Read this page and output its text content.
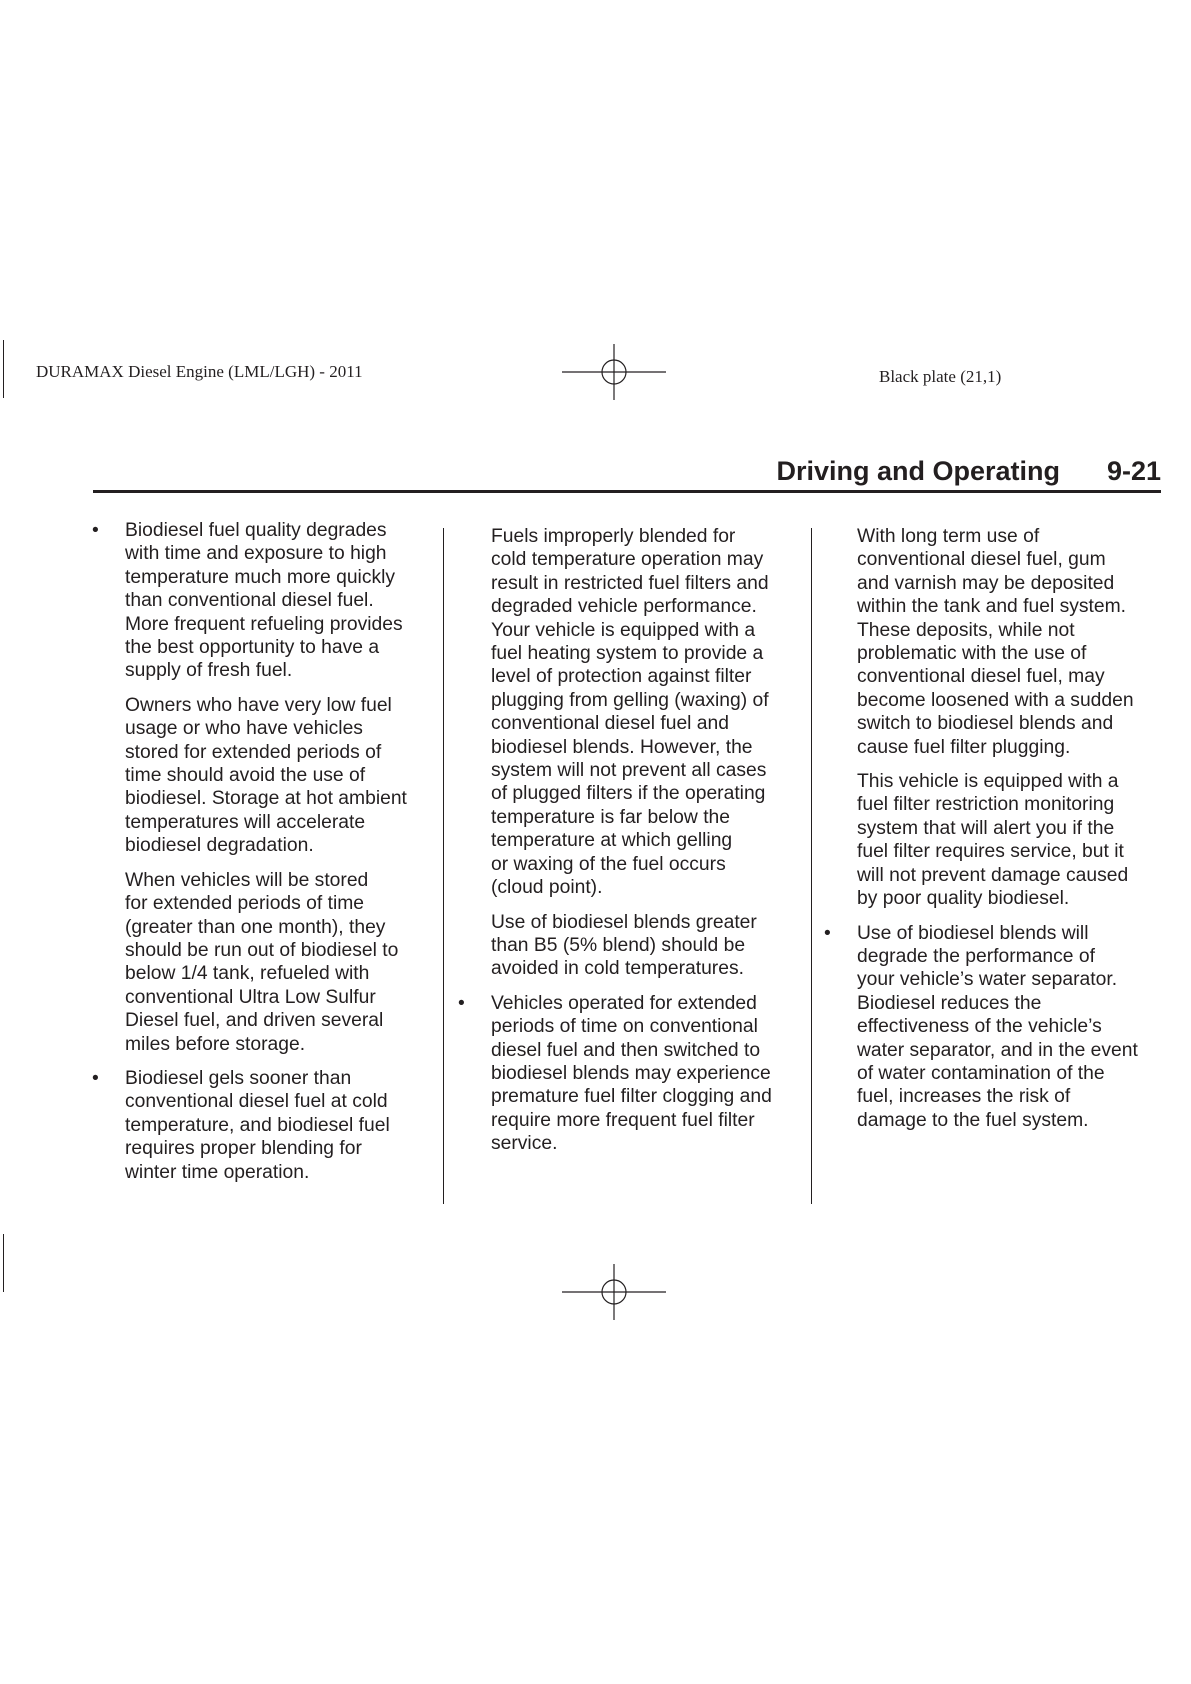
DURAMAX Diesel Engine (LML/LGH) - 2011	Black plate (21,1)
Driving and Operating 9-21
• Biodiesel fuel quality degrades
with time and exposure to high
temperature much more quickly
than conventional diesel fuel.
More frequent refueling provides
the best opportunity to have a
supply of fresh fuel.
Owners who have very low fuel
usage or who have vehicles
stored for extended periods of
time should avoid the use of
biodiesel. Storage at hot ambient
temperatures will accelerate
biodiesel degradation.
When vehicles will be stored
for extended periods of time
(greater than one month), they
should be run out of biodiesel to
below 1/4 tank, refueled with
conventional Ultra Low Sulfur
Diesel fuel, and driven several
miles before storage.
• Biodiesel gels sooner than
conventional diesel fuel at cold
temperature, and biodiesel fuel
requires proper blending for
winter time operation.
Fuels improperly blended for
cold temperature operation may
result in restricted fuel filters and
degraded vehicle performance.
Your vehicle is equipped with a
fuel heating system to provide a
level of protection against filter
plugging from gelling (waxing) of
conventional diesel fuel and
biodiesel blends. However, the
system will not prevent all cases
of plugged filters if the operating
temperature is far below the
temperature at which gelling
or waxing of the fuel occurs
(cloud point).
Use of biodiesel blends greater
than B5 (5% blend) should be
avoided in cold temperatures.
• Vehicles operated for extended
periods of time on conventional
diesel fuel and then switched to
biodiesel blends may experience
premature fuel filter clogging and
require more frequent fuel filter
service.
With long term use of
conventional diesel fuel, gum
and varnish may be deposited
within the tank and fuel system.
These deposits, while not
problematic with the use of
conventional diesel fuel, may
become loosened with a sudden
switch to biodiesel blends and
cause fuel filter plugging.
This vehicle is equipped with a
fuel filter restriction monitoring
system that will alert you if the
fuel filter requires service, but it
will not prevent damage caused
by poor quality biodiesel.
• Use of biodiesel blends will
degrade the performance of
your vehicle’s water separator.
Biodiesel reduces the
effectiveness of the vehicle’s
water separator, and in the event
of water contamination of the
fuel, increases the risk of
damage to the fuel system.
